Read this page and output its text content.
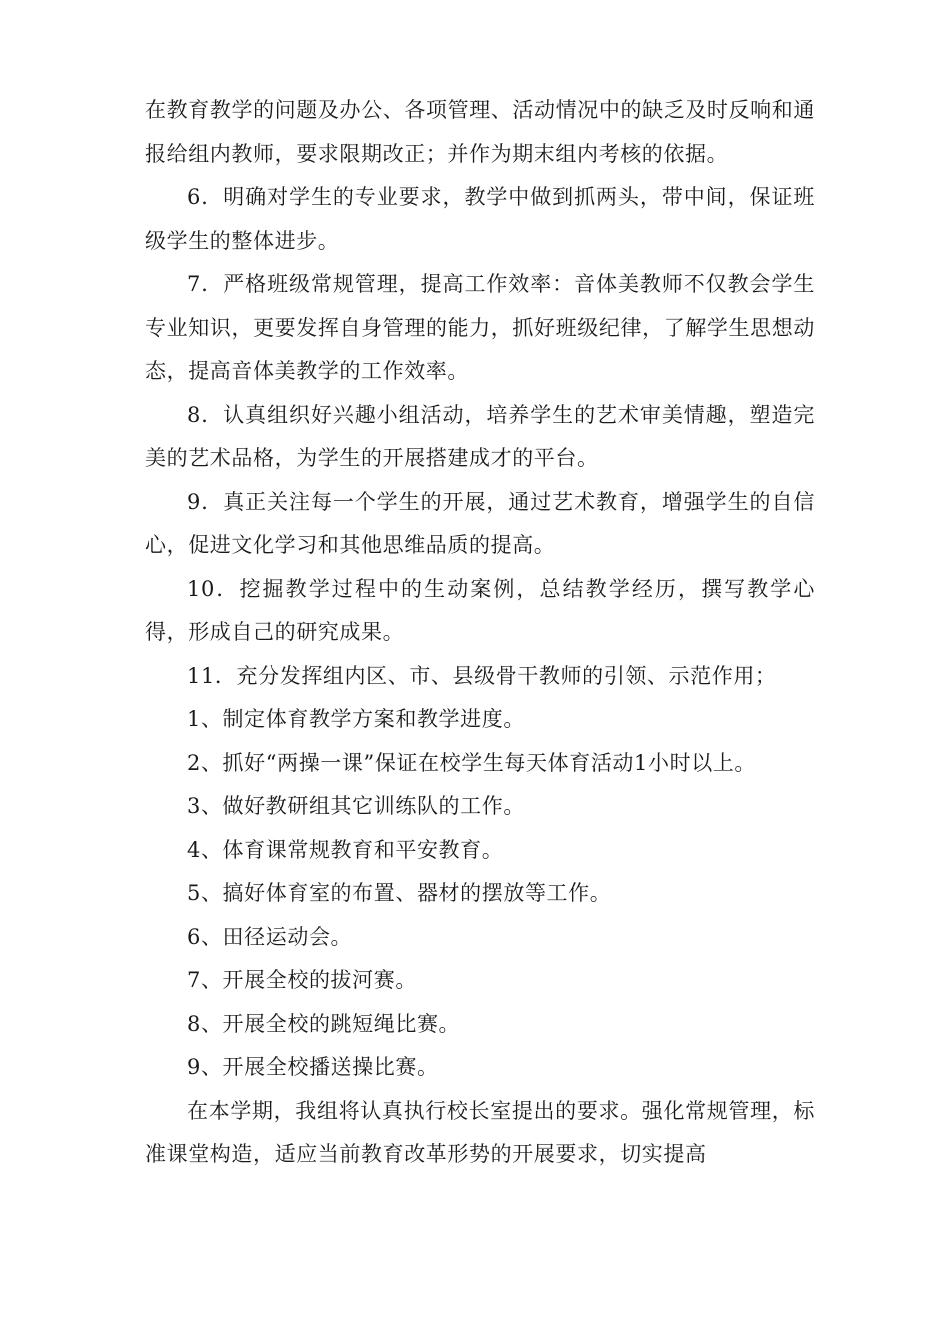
在教育教学的问题及办公、各项管理、活动情况中的缺乏及时反响和通报给组内教师，要求限期改正；并作为期末组内考核的依据。

6．明确对学生的专业要求，教学中做到抓两头，带中间，保证班级学生的整体进步。

7．严格班级常规管理，提高工作效率：音体美教师不仅教会学生专业知识，更要发挥自身管理的能力，抓好班级纪律，了解学生思想动态，提高音体美教学的工作效率。

8．认真组织好兴趣小组活动，培养学生的艺术审美情趣，塑造完美的艺术品格，为学生的开展搭建成才的平台。

9．真正关注每一个学生的开展，通过艺术教育，增强学生的自信心，促进文化学习和其他思维品质的提高。

10．挖掘教学过程中的生动案例，总结教学经历，撰写教学心得，形成自己的研究成果。

11．充分发挥组内区、市、县级骨干教师的引领、示范作用；

1、制定体育教学方案和教学进度。

2、抓好“两操一课”保证在校学生每天体育活动1小时以上。

3、做好教研组其它训练队的工作。

4、体育课常规教育和平安教育。

5、搞好体育室的布置、器材的摆放等工作。

6、田径运动会。

7、开展全校的拔河赛。

8、开展全校的跳短绳比赛。

9、开展全校播送操比赛。

在本学期，我组将认真执行校长室提出的要求。强化常规管理，标准课堂构造，适应当前教育改革形势的开展要求，切实提高
